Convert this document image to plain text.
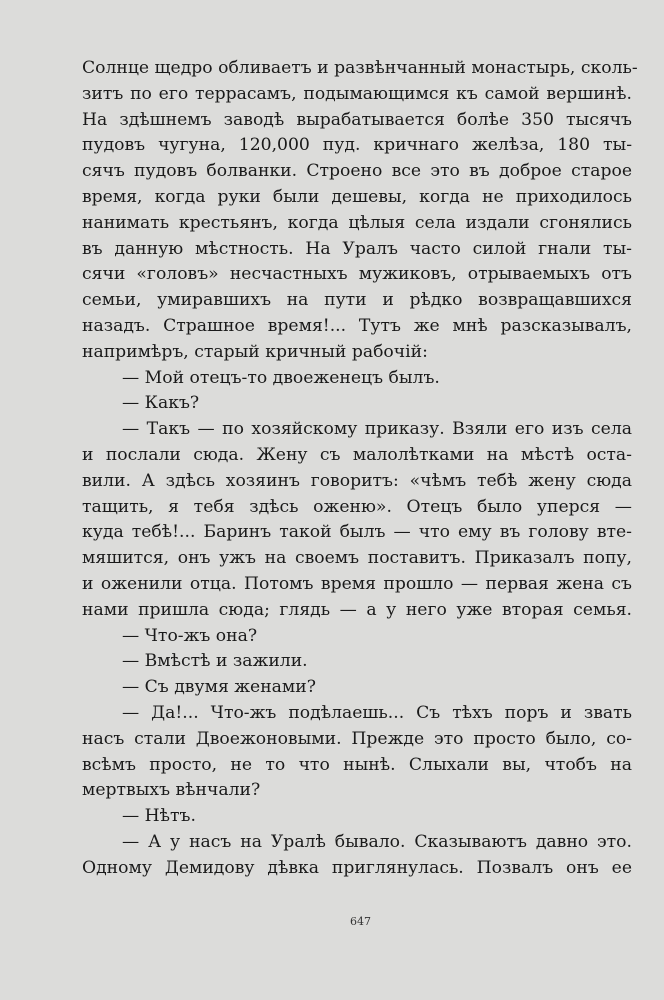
Солнце щедро обливаетъ и развѣнчанный монастырь, сколь-
зитъ по его террасамъ, подымающимся къ самой вершинѣ.
На здѣшнемъ заводѣ вырабатывается болѣе 350 тысячъ
пудовъ чугуна, 120,000 пуд. кричнаго желѣза, 180 ты-
сячъ пудовъ болванки. Строено все это въ доброе старое
время, когда руки были дешевы, когда не приходилось
нанимать крестьянъ, когда цѣлыя села издали сгонялись
въ данную мѣстность. На Уралъ часто силой гнали ты-
сячи «головъ» несчастныхъ мужиковъ, отрываемыхъ отъ
семьи, умиравшихъ на пути и рѣдко возвращавшихся
назадъ. Страшное время!... Тутъ же мнѣ разсказывалъ,
напримѣръ, старый кричный рабочій:
— Мой отецъ-то двоеженецъ былъ.
— Какъ?
— Такъ — по хозяйскому приказу. Взяли его изъ села
и послали сюда. Жену съ малолѣтками на мѣстѣ оста-
вили. А здѣсь хозяинъ говоритъ: «чѣмъ тебѣ жену сюда
тащить, я тебя здѣсь оженю». Отецъ было уперся —
куда тебѣ!... Баринъ такой былъ — что ему въ голову вте-
мяшится, онъ ужъ на своемъ поставитъ. Приказалъ попу,
и оженили отца. Потомъ время прошло — первая жена съ
нами пришла сюда; глядь — а у него уже вторая семья.
— Что-жъ она?
— Вмѣстѣ и зажили.
— Съ двумя женами?
— Да!... Что-жъ подѣлаешь... Съ тѣхъ поръ и звать
насъ стали Двоежоновыми. Прежде это просто было, со-
всѣмъ просто, не то что нынѣ. Слыхали вы, чтобъ на
мертвыхъ вѣнчали?
— Нѣтъ.
— А у насъ на Уралѣ бывало. Сказываютъ давно это.
Одному Демидову дѣвка приглянулась. Позвалъ онъ ее
647
